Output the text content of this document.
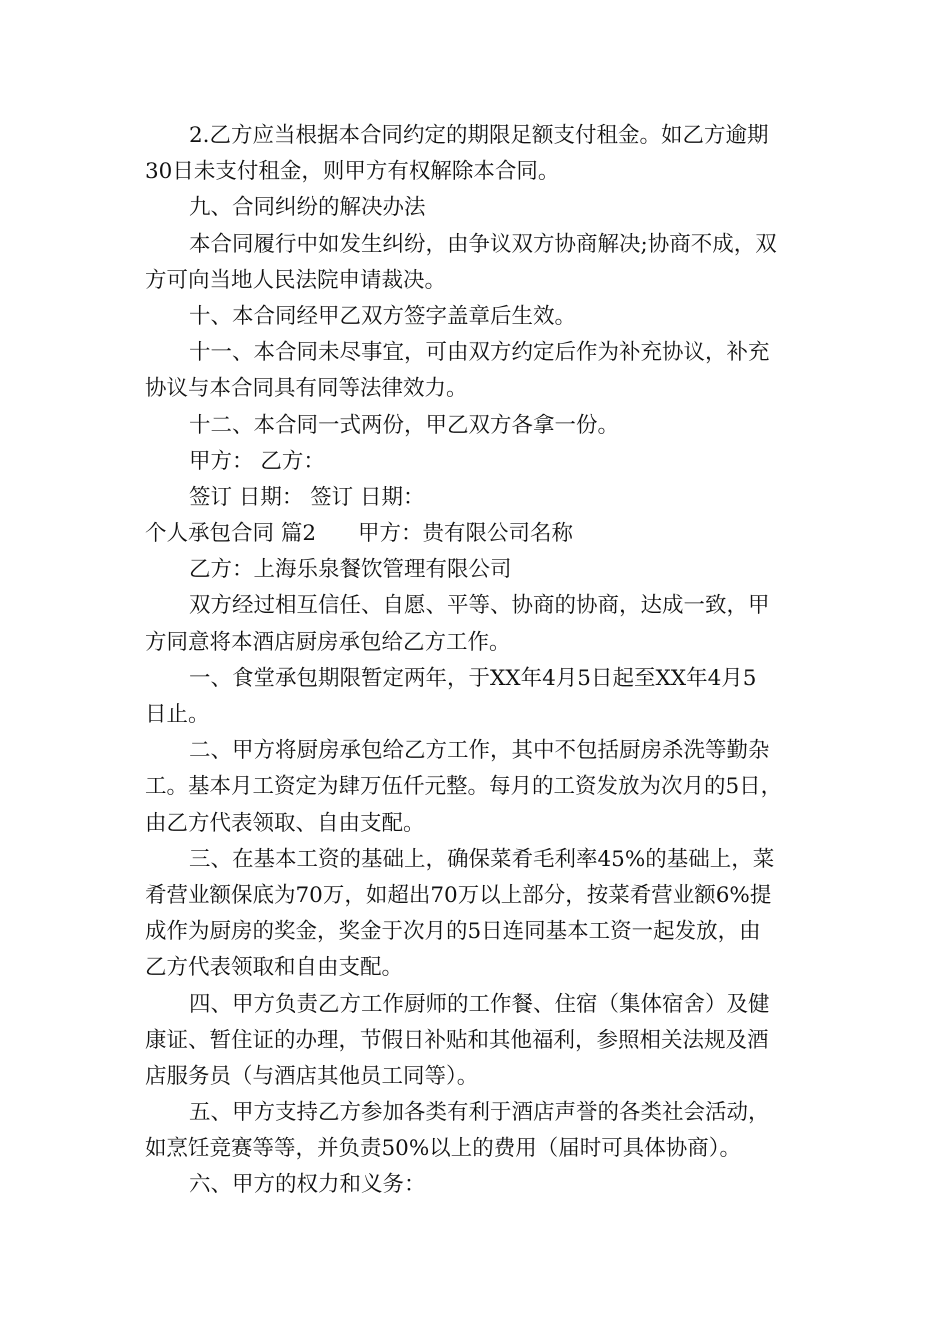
2.乙方应当根据本合同约定的期限足额支付租金。如乙方逾期
30日未支付租金，则甲方有权解除本合同。
九、合同纠纷的解决办法
本合同履行中如发生纠纷，由争议双方协商解决;协商不成，双
方可向当地人民法院申请裁决。
十、本合同经甲乙双方签字盖章后生效。
十一、本合同未尽事宜，可由双方约定后作为补充协议，补充
协议与本合同具有同等法律效力。
十二、本合同一式两份，甲乙双方各拿一份。
甲方： 乙方：
签订 日期： 签订 日期：
个人承包合同 篇2 甲方：贵有限公司名称
乙方：上海乐泉餐饮管理有限公司
双方经过相互信任、自愿、平等、协商的协商，达成一致，甲
方同意将本酒店厨房承包给乙方工作。
一、食堂承包期限暂定两年，于XX年4月5日起至XX年4月5
日止。
二、甲方将厨房承包给乙方工作，其中不包括厨房杀洗等勤杂
工。基本月工资定为肆万伍仟元整。每月的工资发放为次月的5日，
由乙方代表领取、自由支配。
三、在基本工资的基础上，确保菜肴毛利率45%的基础上，菜
肴营业额保底为70万，如超出70万以上部分，按菜肴营业额6%提
成作为厨房的奖金，奖金于次月的5日连同基本工资一起发放，由
乙方代表领取和自由支配。
四、甲方负责乙方工作厨师的工作餐、住宿（集体宿舍）及健
康证、暂住证的办理，节假日补贴和其他福利，参照相关法规及酒
店服务员（与酒店其他员工同等）。
五、甲方支持乙方参加各类有利于酒店声誉的各类社会活动，
如烹饪竞赛等等，并负责50%以上的费用（届时可具体协商）。
六、甲方的权力和义务：
